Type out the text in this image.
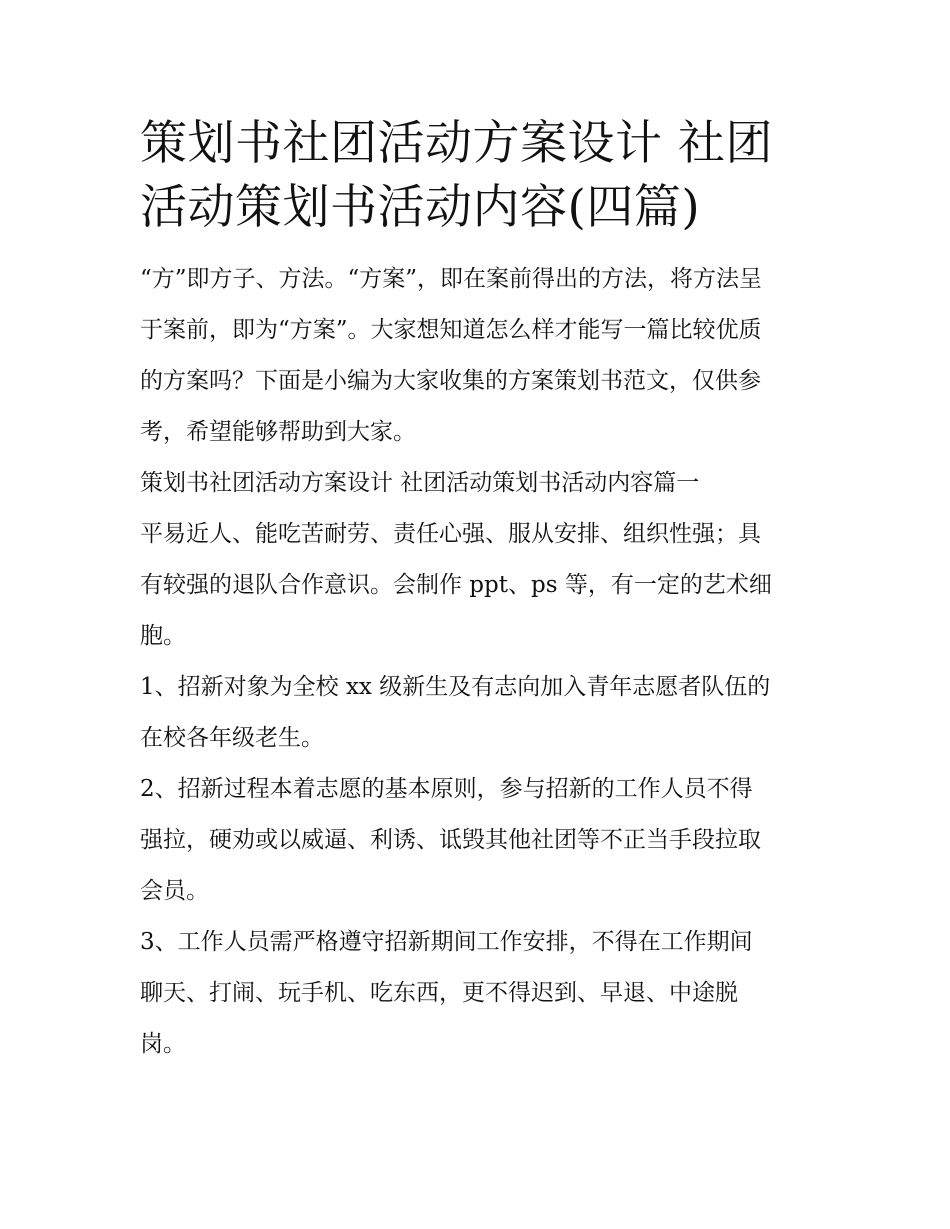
策划书社团活动方案设计 社团
活动策划书活动内容(四篇)

“方”即方子、方法。“方案”，即在案前得出的方法，将方法呈
于案前，即为“方案”。大家想知道怎么样才能写一篇比较优质
的方案吗？下面是小编为大家收集的方案策划书范文，仅供参
考，希望能够帮助到大家。

策划书社团活动方案设计 社团活动策划书活动内容篇一

平易近人、能吃苦耐劳、责任心强、服从安排、组织性强；具
有较强的退队合作意识。会制作 ppt、ps 等，有一定的艺术细
胞。

1、招新对象为全校 xx 级新生及有志向加入青年志愿者队伍的
在校各年级老生。

2、招新过程本着志愿的基本原则，参与招新的工作人员不得
强拉，硬劝或以威逼、利诱、诋毁其他社团等不正当手段拉取
会员。

3、工作人员需严格遵守招新期间工作安排，不得在工作期间
聊天、打闹、玩手机、吃东西，更不得迟到、早退、中途脱
岗。
